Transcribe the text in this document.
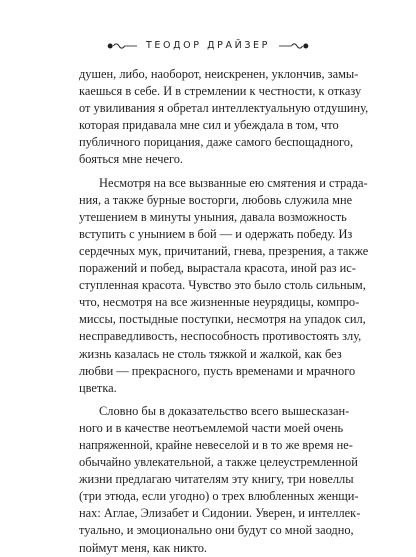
ТЕОДОР ДРАЙЗЕР
душен, либо, наоборот, неискренен, уклончив, замы-
каешься в себе. И в стремлении к честности, к отказу
от увиливания я обретал интеллектуальную отдушину,
которая придавала мне сил и убеждала в том, что
публичного порицания, даже самого беспощадного,
бояться мне нечего.
Несмотря на все вызванные ею смятения и страда-
ния, а также бурные восторги, любовь служила мне
утешением в минуты уныния, давала возможность
вступить с унынием в бой — и одержать победу. Из
сердечных мук, причитаний, гнева, презрения, а также
поражений и побед, вырастала красота, иной раз ис-
ступленная красота. Чувство это было столь сильным,
что, несмотря на все жизненные неурядицы, компро-
миссы, постыдные поступки, несмотря на упадок сил,
несправедливость, неспособность противостоять злу,
жизнь казалась не столь тяжкой и жалкой, как без
любви — прекрасного, пусть временами и мрачного
цветка.
Словно бы в доказательство всего вышесказан-
ного и в качестве неотъемлемой части моей очень
напряженной, крайне невеселой и в то же время не-
обычайно увлекательной, а также целеустремленной
жизни предлагаю читателям эту книгу, три новеллы
(три этюда, если угодно) о трех влюбленных женщи-
нах: Аглае, Элизабет и Сидонии. Уверен, и интеллек-
туально, и эмоционально они будут со мной заодно,
поймут меня, как никто.
